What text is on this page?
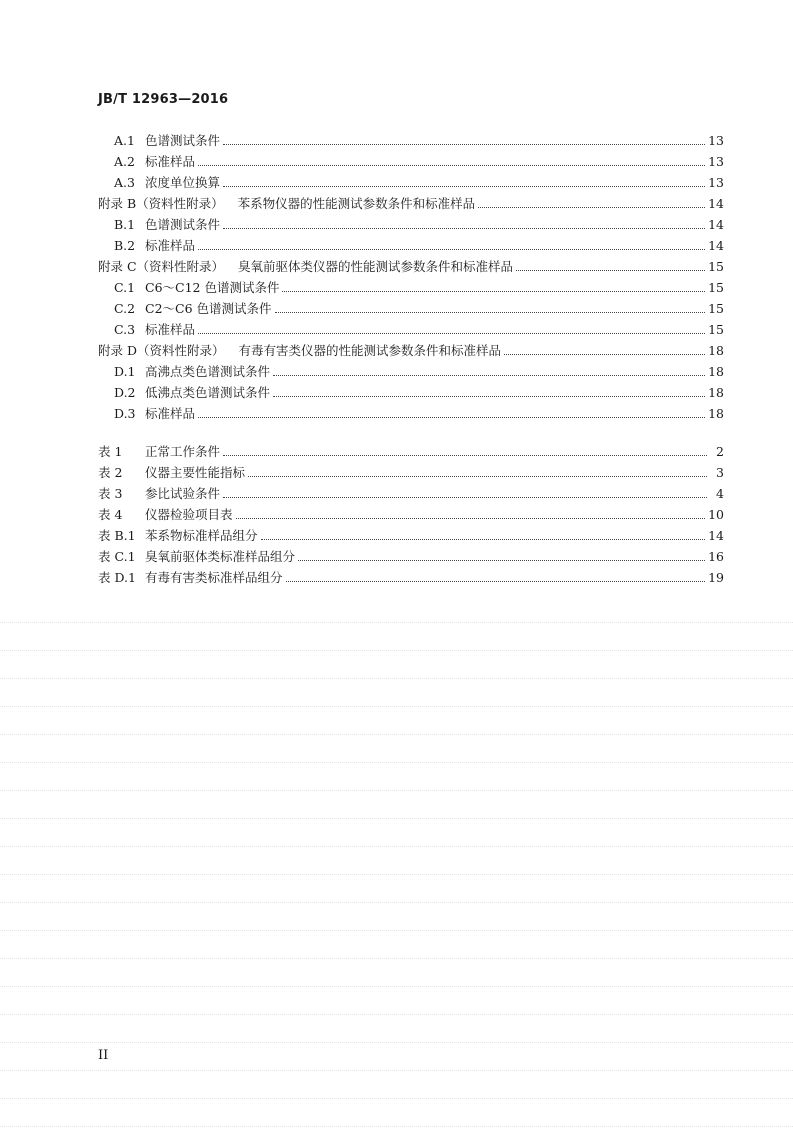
JB/T 12963—2016
A.1 色谱测试条件	13
A.2 标准样品	13
A.3 浓度单位换算	13
附录 B（资料性附录） 苯系物仪器的性能测试参数条件和标准样品	14
B.1 色谱测试条件	14
B.2 标准样品	14
附录 C（资料性附录） 臭氧前驱体类仪器的性能测试参数条件和标准样品	15
C.1 C6～C12 色谱测试条件	15
C.2 C2～C6 色谱测试条件	15
C.3 标准样品	15
附录 D（资料性附录） 有毒有害类仪器的性能测试参数条件和标准样品	18
D.1 高沸点类色谱测试条件	18
D.2 低沸点类色谱测试条件	18
D.3 标准样品	18
表 1	正常工作条件	2
表 2	仪器主要性能指标	3
表 3	参比试验条件	4
表 4	仪器检验项目表	10
表 B.1 苯系物标准样品组分	14
表 C.1 臭氧前驱体类标准样品组分	16
表 D.1 有毒有害类标准样品组分	19
II
